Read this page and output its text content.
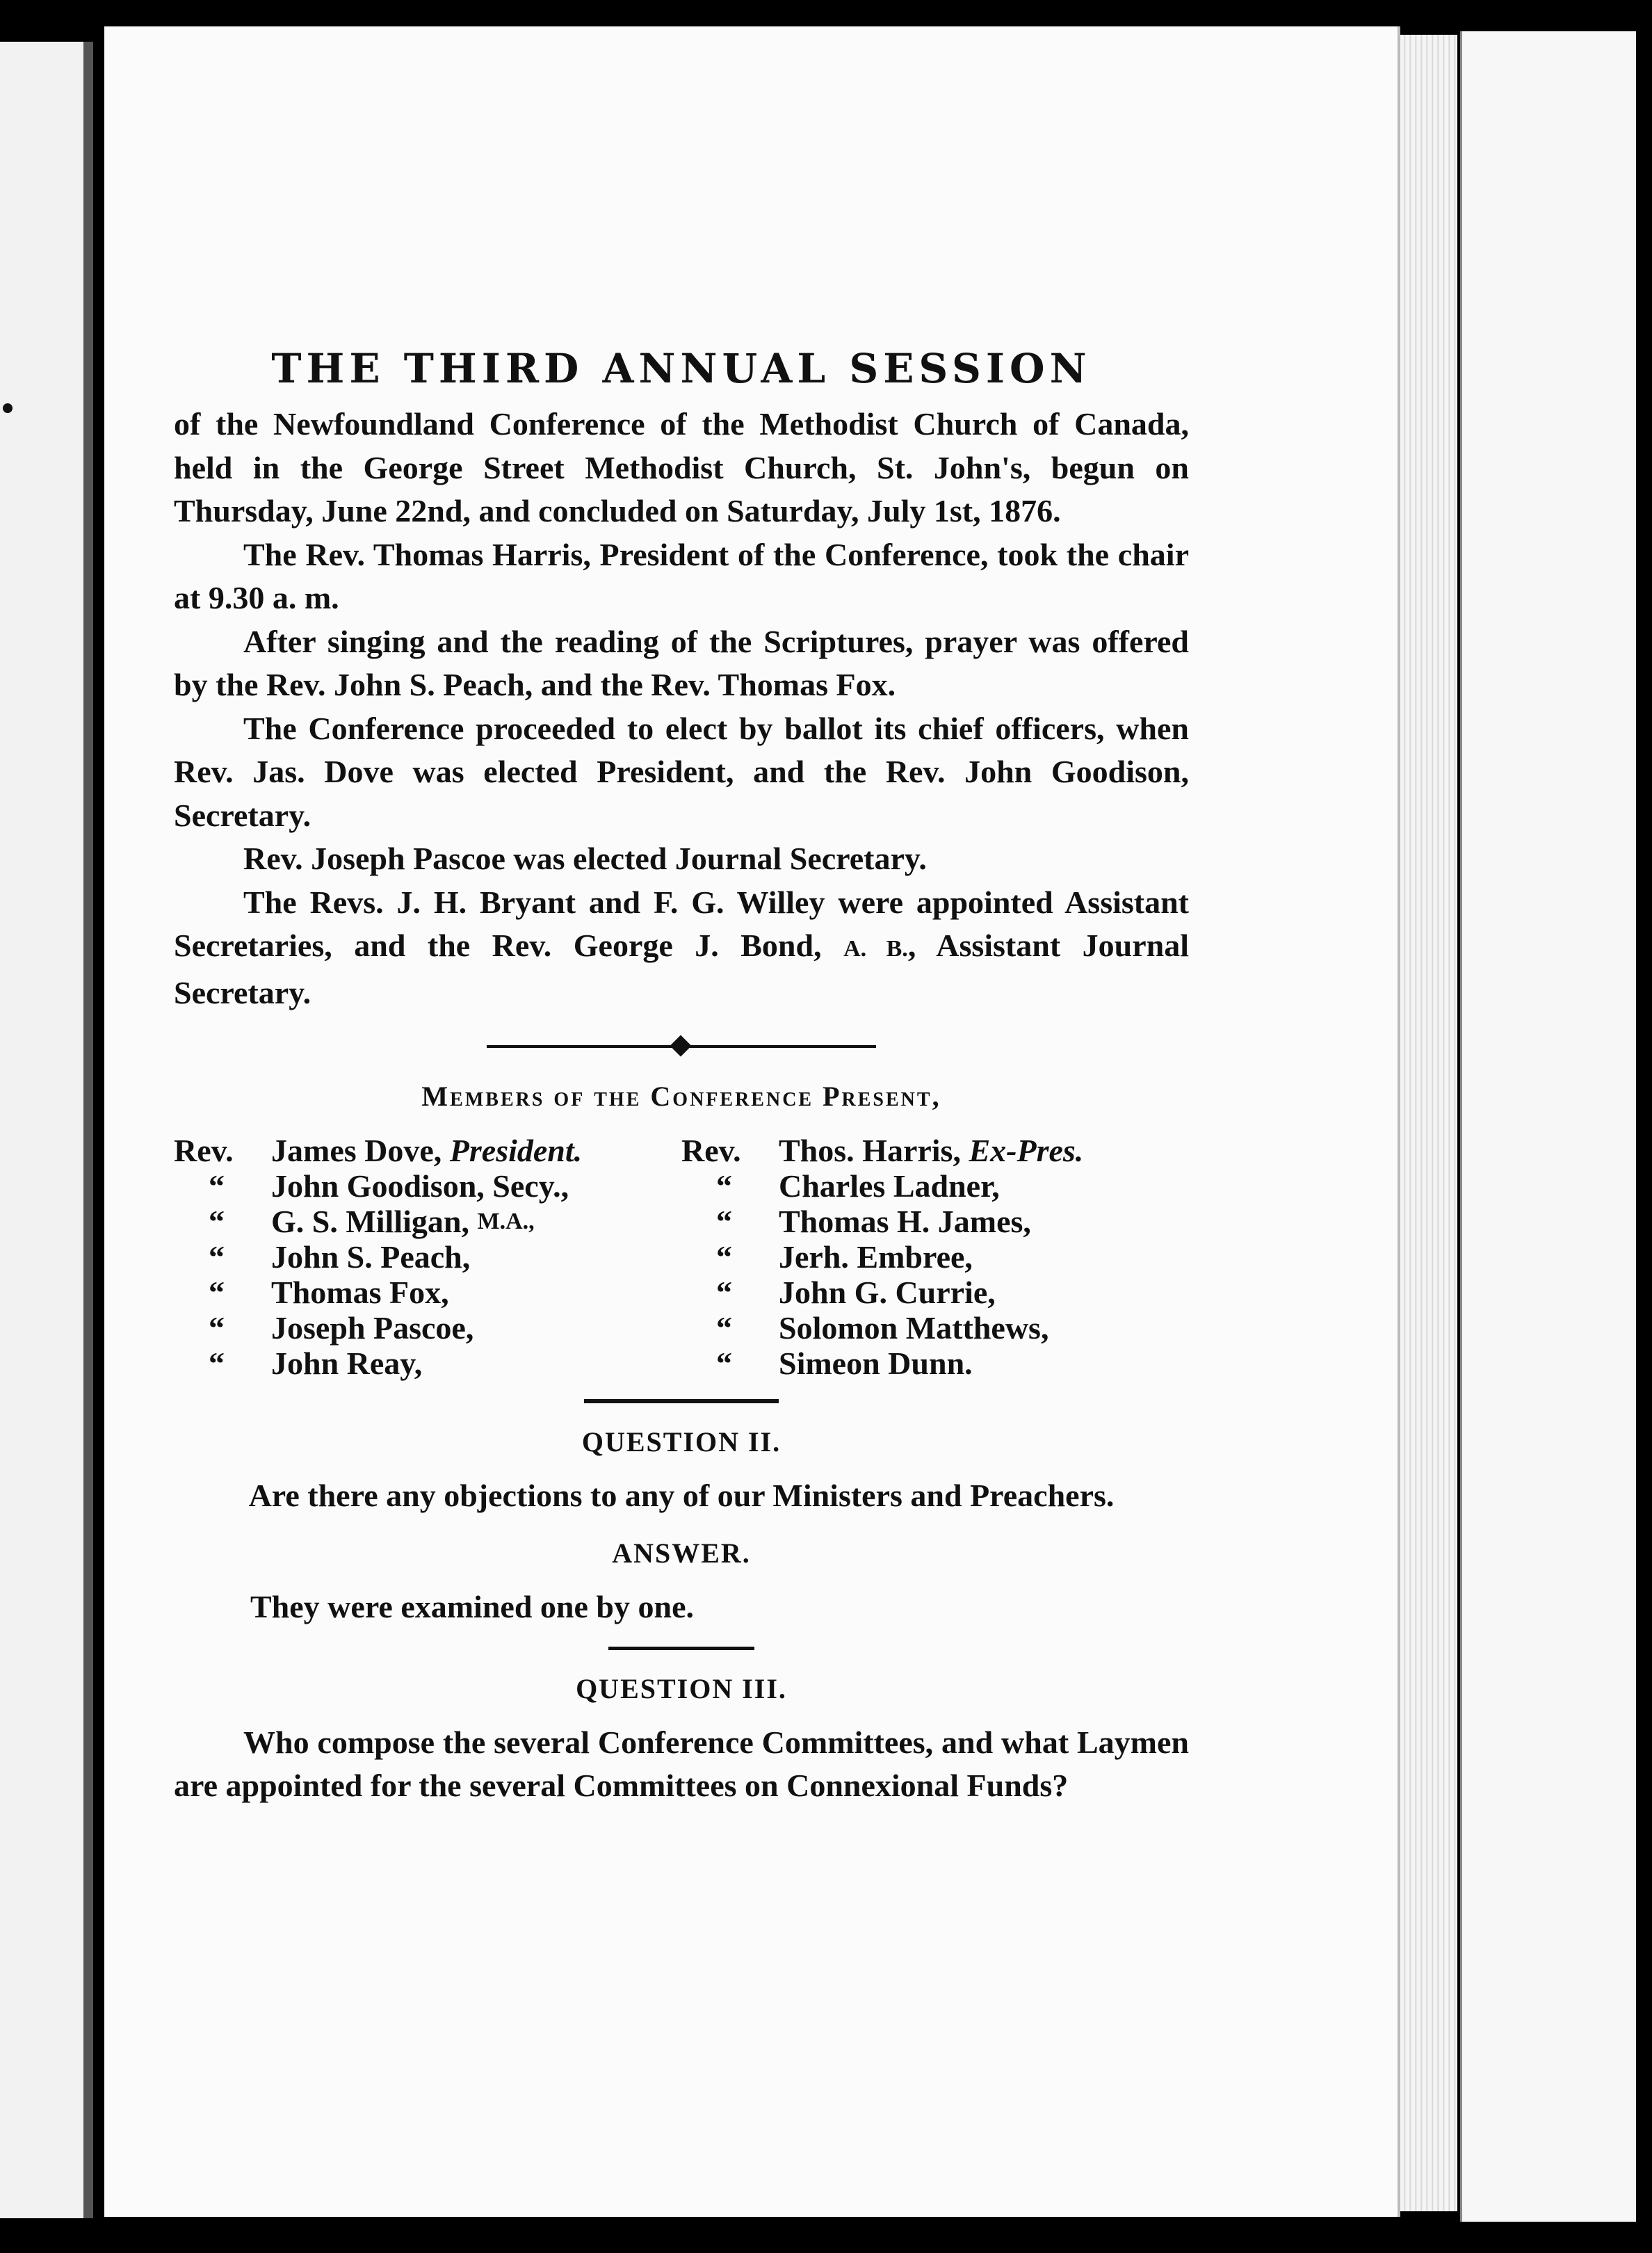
THE THIRD ANNUAL SESSION

of the Newfoundland Conference of the Methodist Church of Canada, held in the George Street Methodist Church, St. John's, begun on Thursday, June 22nd, and concluded on Saturday, July 1st, 1876.

The Rev. Thomas Harris, President of the Conference, took the chair at 9.30 a. m.

After singing and the reading of the Scriptures, prayer was offered by the Rev. John S. Peach, and the Rev. Thomas Fox.

The Conference proceeded to elect by ballot its chief officers, when Rev. Jas. Dove was elected President, and the Rev. John Goodison, Secretary.

Rev. Joseph Pascoe was elected Journal Secretary.

The Revs. J. H. Bryant and F. G. Willey were appointed Assistant Secretaries, and the Rev. George J. Bond, A. B., Assistant Journal Secretary.

Members of the Conference Present,
Rev.	James Dove, President.
“	John Goodison, Secy.,
“	G. S. Milligan, M.A.,
“	John S. Peach,
“	Thomas Fox,
“	Joseph Pascoe,
“	John Reay,
Rev.	Thos. Harris, Ex-Pres.
“	Charles Ladner,
“	Thomas H. James,
“	Jerh. Embree,
“	John G. Currie,
“	Solomon Matthews,
“	Simeon Dunn.
QUESTION II.

Are there any objections to any of our Ministers and Preachers.

ANSWER.

They were examined one by one.

QUESTION III.

Who compose the several Conference Committees, and what Laymen are appointed for the several Committees on Connexional Funds?
